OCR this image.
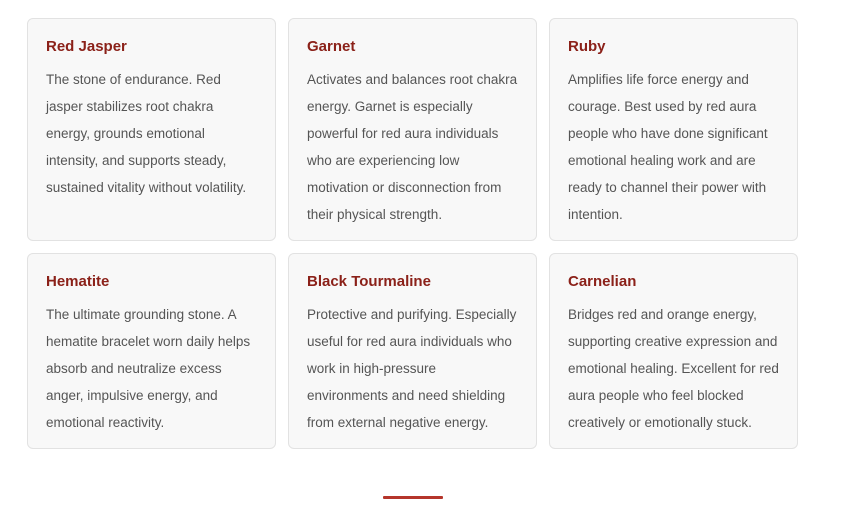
Red Jasper

The stone of endurance. Red jasper stabilizes root chakra energy, grounds emotional intensity, and supports steady, sustained vitality without volatility.

Garnet

Activates and balances root chakra energy. Garnet is especially powerful for red aura individuals who are experiencing low motivation or disconnection from their physical strength.

Ruby

Amplifies life force energy and courage. Best used by red aura people who have done significant emotional healing work and are ready to channel their power with intention.

Hematite

The ultimate grounding stone. A hematite bracelet worn daily helps absorb and neutralize excess anger, impulsive energy, and emotional reactivity.

Black Tourmaline

Protective and purifying. Especially useful for red aura individuals who work in high-pressure environments and need shielding from external negative energy.

Carnelian

Bridges red and orange energy, supporting creative expression and emotional healing. Excellent for red aura people who feel blocked creatively or emotionally stuck.
